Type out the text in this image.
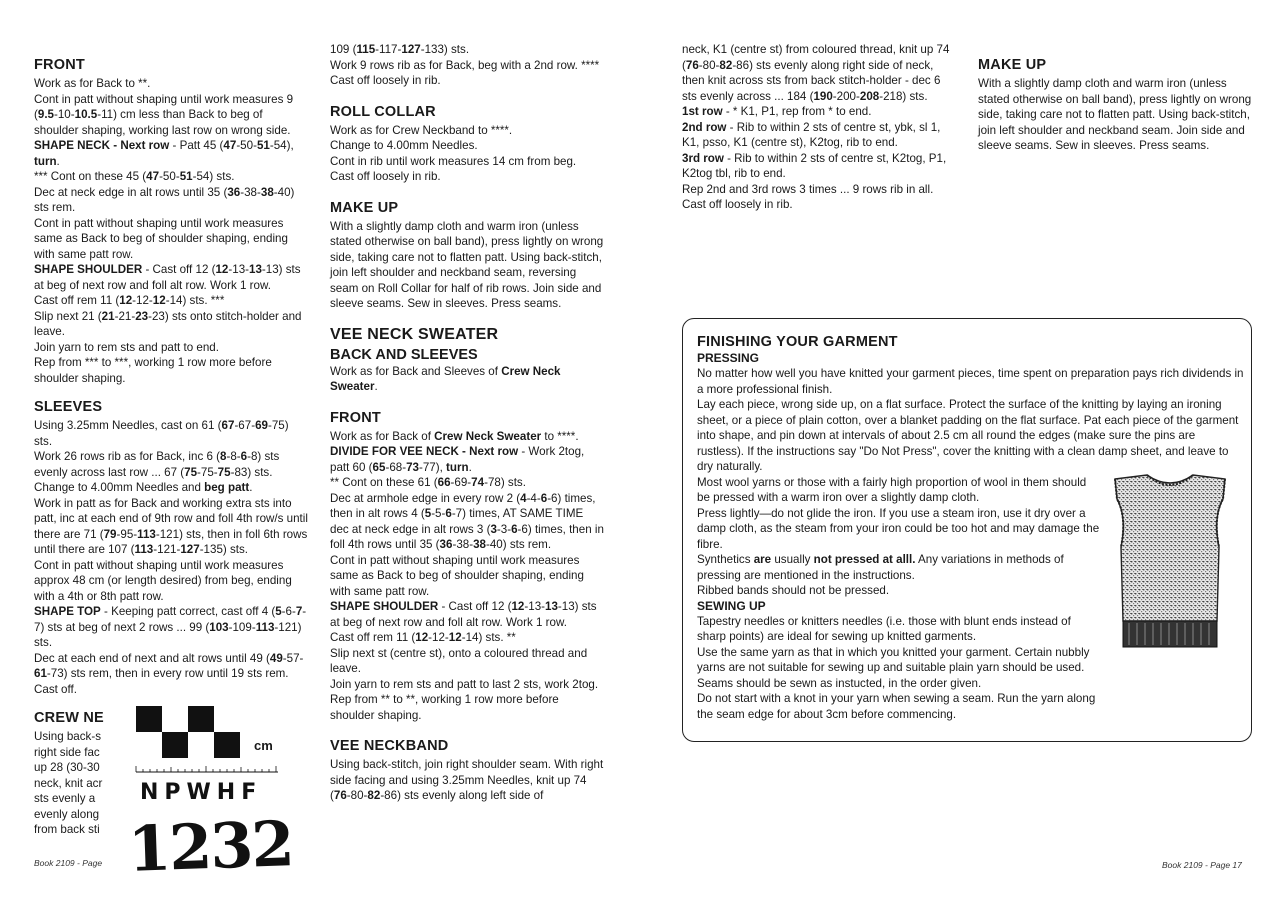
FRONT

Work as for Back to **.

Cont in patt without shaping until work measures 9 (9.5-10-10.5-11) cm less than Back to beg of shoulder shaping, working last row on wrong side.

SHAPE NECK - Next row - Patt 45 (47-50-51-54), turn.

*** Cont on these 45 (47-50-51-54) sts.

Dec at neck edge in alt rows until 35 (36-38-38-40) sts rem.

Cont in patt without shaping until work measures same as Back to beg of shoulder shaping, ending with same patt row.

SHAPE SHOULDER - Cast off 12 (12-13-13-13) sts at beg of next row and foll alt row. Work 1 row.

Cast off rem 11 (12-12-12-14) sts. ***

Slip next 21 (21-21-23-23) sts onto stitch-holder and leave.

Join yarn to rem sts and patt to end.

Rep from *** to ***, working 1 row more before shoulder shaping.

SLEEVES

Using 3.25mm Needles, cast on 61 (67-67-69-75) sts.

Work 26 rows rib as for Back, inc 6 (8-8-6-8) sts evenly across last row ... 67 (75-75-75-83) sts.

Change to 4.00mm Needles and beg patt.

Work in patt as for Back and working extra sts into patt, inc at each end of 9th row and foll 4th row/s until there are 71 (79-95-113-121) sts, then in foll 6th rows until there are 107 (113-121-127-135) sts.

Cont in patt without shaping until work measures approx 48 cm (or length desired) from beg, ending with a 4th or 8th patt row.

SHAPE TOP - Keeping patt correct, cast off 4 (5-6-7-7) sts at beg of next 2 rows ... 99 (103-109-113-121) sts.

Dec at each end of next and alt rows until 49 (49-57-61-73) sts rem, then in every row until 19 sts rem.

Cast off.

CREW NE

Using back-s

right side fac

up 28 (30-30

neck, knit acr

sts evenly a

evenly along

from back sti

Book 2109 - Page
cm
NPWHF
1232

109 (115-117-127-133) sts.

Work 9 rows rib as for Back, beg with a 2nd row. ****

Cast off loosely in rib.

ROLL COLLAR

Work as for Crew Neckband to ****.

Change to 4.00mm Needles.

Cont in rib until work measures 14 cm from beg.

Cast off loosely in rib.

MAKE UP

With a slightly damp cloth and warm iron (unless stated otherwise on ball band), press lightly on wrong side, taking care not to flatten patt. Using back-stitch, join left shoulder and neckband seam, reversing seam on Roll Collar for half of rib rows. Join side and sleeve seams. Sew in sleeves. Press seams.

VEE NECK SWEATER
BACK AND SLEEVES

Work as for Back and Sleeves of Crew Neck Sweater.

FRONT

Work as for Back of Crew Neck Sweater to ****.

DIVIDE FOR VEE NECK - Next row - Work 2tog, patt 60 (65-68-73-77), turn.

** Cont on these 61 (66-69-74-78) sts.

Dec at armhole edge in every row 2 (4-4-6-6) times, then in alt rows 4 (5-5-6-7) times, AT SAME TIME dec at neck edge in alt rows 3 (3-3-6-6) times, then in foll 4th rows until 35 (36-38-38-40) sts rem.

Cont in patt without shaping until work measures same as Back to beg of shoulder shaping, ending with same patt row.

SHAPE SHOULDER - Cast off 12 (12-13-13-13) sts at beg of next row and foll alt row. Work 1 row.

Cast off rem 11 (12-12-12-14) sts. **

Slip next st (centre st), onto a coloured thread and leave.

Join yarn to rem sts and patt to last 2 sts, work 2tog.

Rep from ** to **, working 1 row more before shoulder shaping.

VEE NECKBAND

Using back-stitch, join right shoulder seam. With right side facing and using 3.25mm Needles, knit up 74 (76-80-82-86) sts evenly along left side of

neck, K1 (centre st) from coloured thread, knit up 74 (76-80-82-86) sts evenly along right side of neck, then knit across sts from back stitch-holder - dec 6 sts evenly across ... 184 (190-200-208-218) sts.

1st row - * K1, P1, rep from * to end.

2nd row - Rib to within 2 sts of centre st, ybk, sl 1, K1, psso, K1 (centre st), K2tog, rib to end.

3rd row - Rib to within 2 sts of centre st, K2tog, P1, K2tog tbl, rib to end.

Rep 2nd and 3rd rows 3 times ... 9 rows rib in all.

Cast off loosely in rib.

MAKE UP

With a slightly damp cloth and warm iron (unless stated otherwise on ball band), press lightly on wrong side, taking care not to flatten patt. Using back-stitch, join left shoulder and neckband seam. Join side and sleeve seams. Sew in sleeves. Press seams.

FINISHING YOUR GARMENT
PRESSING

No matter how well you have knitted your garment pieces, time spent on preparation pays rich dividends in a more professional finish.

Lay each piece, wrong side up, on a flat surface. Protect the surface of the knitting by laying an ironing sheet, or a piece of plain cotton, over a blanket padding on the flat surface. Pat each piece of the garment into shape, and pin down at intervals of about 2.5 cm all round the edges (make sure the pins are rustless). If the instructions say "Do Not Press", cover the knitting with a clean damp sheet, and leave to dry naturally.

Most wool yarns or those with a fairly high proportion of wool in them should be pressed with a warm iron over a slightly damp cloth.

Press lightly—do not glide the iron. If you use a steam iron, use it dry over a damp cloth, as the steam from your iron could be too hot and may damage the fibre.

Synthetics are usually not pressed at alll. Any variations in methods of pressing are mentioned in the instructions.

Ribbed bands should not be pressed.

SEWING UP

Tapestry needles or knitters needles (i.e. those with blunt ends instead of sharp points) are ideal for sewing up knitted garments.

Use the same yarn as that in which you knitted your garment. Certain nubbly yarns are not suitable for sewing up and suitable plain yarn should be used. Seams should be sewn as instucted, in the order given.

Do not start with a knot in your yarn when sewing a seam. Run the yarn along the seam edge for about 3cm before commencing.

Book 2109 - Page 17
